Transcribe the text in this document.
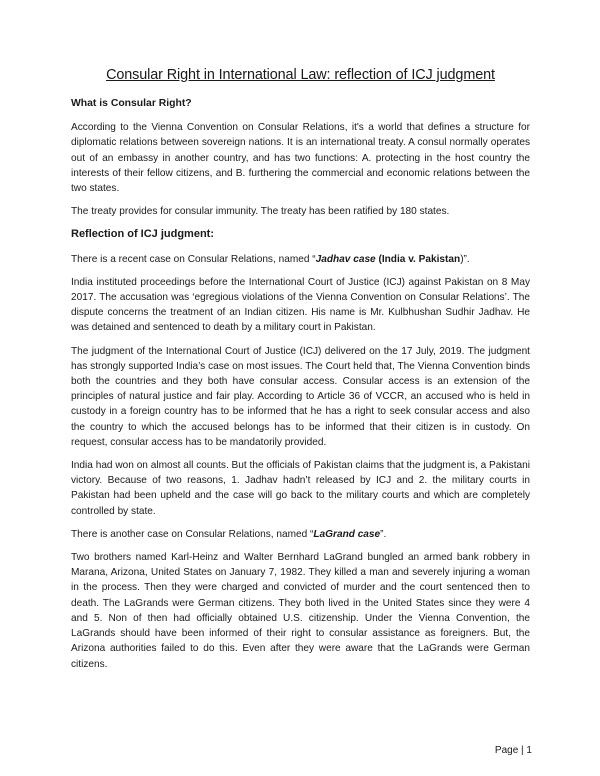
Consular Right in International Law: reflection of ICJ judgment
What is Consular Right?

According to the Vienna Convention on Consular Relations, it's a world that defines a structure for diplomatic relations between sovereign nations. It is an international treaty. A consul normally operates out of an embassy in another country, and has two functions: A. protecting in the host country the interests of their fellow citizens, and B. furthering the commercial and economic relations between the two states.

The treaty provides for consular immunity. The treaty has been ratified by 180 states.

Reflection of ICJ judgment:

There is a recent case on Consular Relations, named “Jadhav case (India v. Pakistan)”.

India instituted proceedings before the International Court of Justice (ICJ) against Pakistan on 8 May 2017. The accusation was ‘egregious violations of the Vienna Convention on Consular Relations’. The dispute concerns the treatment of an Indian citizen. His name is Mr. Kulbhushan Sudhir Jadhav. He was detained and sentenced to death by a military court in Pakistan.

The judgment of the International Court of Justice (ICJ) delivered on the 17 July, 2019. The judgment has strongly supported India’s case on most issues. The Court held that, The Vienna Convention binds both the countries and they both have consular access. Consular access is an extension of the principles of natural justice and fair play. According to Article 36 of VCCR, an accused who is held in custody in a foreign country has to be informed that he has a right to seek consular access and also the country to which the accused belongs has to be informed that their citizen is in custody. On request, consular access has to be mandatorily provided.

India had won on almost all counts. But the officials of Pakistan claims that the judgment is, a Pakistani victory. Because of two reasons, 1. Jadhav hadn’t released by ICJ and 2. the military courts in Pakistan had been upheld and the case will go back to the military courts and which are completely controlled by state.

There is another case on Consular Relations, named “LaGrand case”.

Two brothers named Karl-Heinz and Walter Bernhard LaGrand bungled an armed bank robbery in Marana, Arizona, United States on January 7, 1982. They killed a man and severely injuring a woman in the process. Then they were charged and convicted of murder and the court sentenced then to death. The LaGrands were German citizens. They both lived in the United States since they were 4 and 5. Non of then had officially obtained U.S. citizenship. Under the Vienna Convention, the LaGrands should have been informed of their right to consular assistance as foreigners. But, the Arizona authorities failed to do this. Even after they were aware that the LaGrands were German citizens.

Page | 1
